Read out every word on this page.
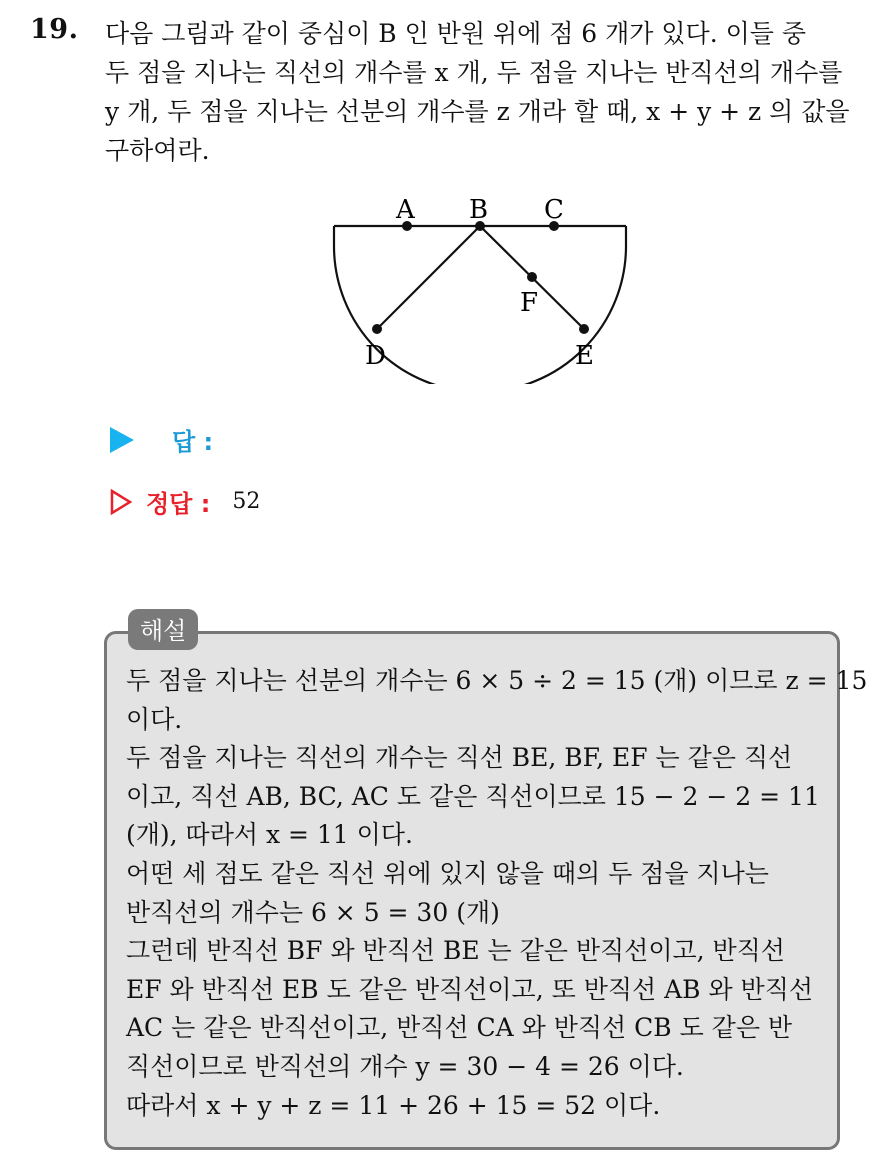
19. 다음 그림과 같이 중심이 B 인 반원 위에 점 6 개가 있다. 이들 중
두 점을 지나는 직선의 개수를 x 개, 두 점을 지나는 반직선의 개수를
y 개, 두 점을 지나는 선분의 개수를 z 개라 할 때, x + y + z 의 값을
구하여라.
A B C
D	E
F
답 :
정답 : 52
해설
두 점을 지나는 선분의 개수는 6 × 5 ÷ 2 = 15 (개) 이므로 z = 15
이다.
두 점을 지나는 직선의 개수는 직선 BE, BF, EF 는 같은 직선
이고, 직선 AB, BC, AC 도 같은 직선이므로 15 − 2 − 2 = 11
(개), 따라서 x = 11 이다.
어떤 세 점도 같은 직선 위에 있지 않을 때의 두 점을 지나는
반직선의 개수는 6 × 5 = 30 (개)
그런데 반직선 BF 와 반직선 BE 는 같은 반직선이고, 반직선
EF 와 반직선 EB 도 같은 반직선이고, 또 반직선 AB 와 반직선
AC 는 같은 반직선이고, 반직선 CA 와 반직선 CB 도 같은 반
직선이므로 반직선의 개수 y = 30 − 4 = 26 이다.
따라서 x + y + z = 11 + 26 + 15 = 52 이다.
